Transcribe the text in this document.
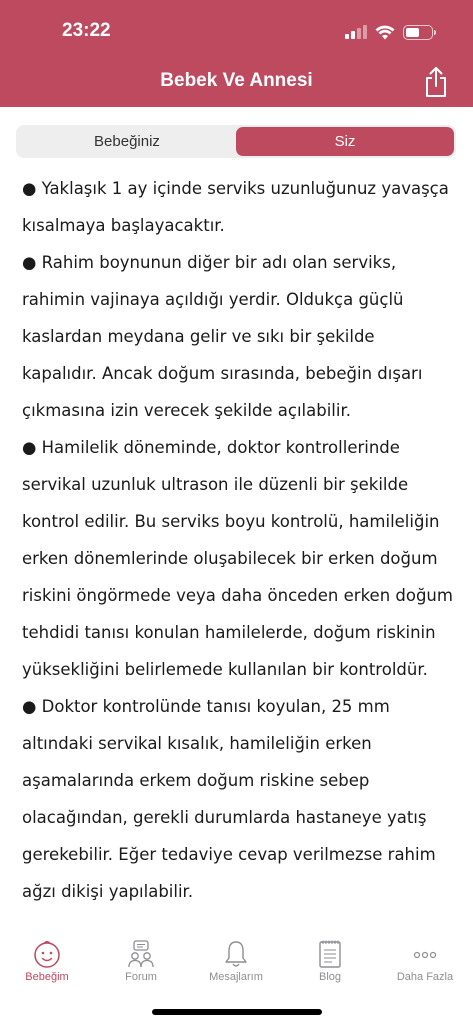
23:22
Bebek Ve Annesi
Bebeğiniz	Siz

● Yaklaşık 1 ay içinde serviks uzunluğunuz yavaşça kısalmaya başlayacaktır.

● Rahim boynunun diğer bir adı olan serviks, rahimin vajinaya açıldığı yerdir. Oldukça güçlü kaslardan meydana gelir ve sıkı bir şekilde kapalıdır. Ancak doğum sırasında, bebeğin dışarı çıkmasına izin verecek şekilde açılabilir.

● Hamilelik döneminde, doktor kontrollerinde servikal uzunluk ultrason ile düzenli bir şekilde kontrol edilir. Bu serviks boyu kontrolü, hamileliğin erken dönemlerinde oluşabilecek bir erken doğum riskini öngörmede veya daha önceden erken doğum tehdidi tanısı konulan hamilelerde, doğum riskinin yüksekliğini belirlemede kullanılan bir kontroldür.

● Doktor kontrolünde tanısı koyulan, 25 mm altındaki servikal kısalık, hamileliğin erken aşamalarında erkem doğum riskine sebep olacağından, gerekli durumlarda hastaneye yatış gerekebilir. Eğer tedaviye cevap verilmezse rahim ağzı dikişi yapılabilir.

Bebeğim	Forum	Mesajlarım	Blog	Daha Fazla
